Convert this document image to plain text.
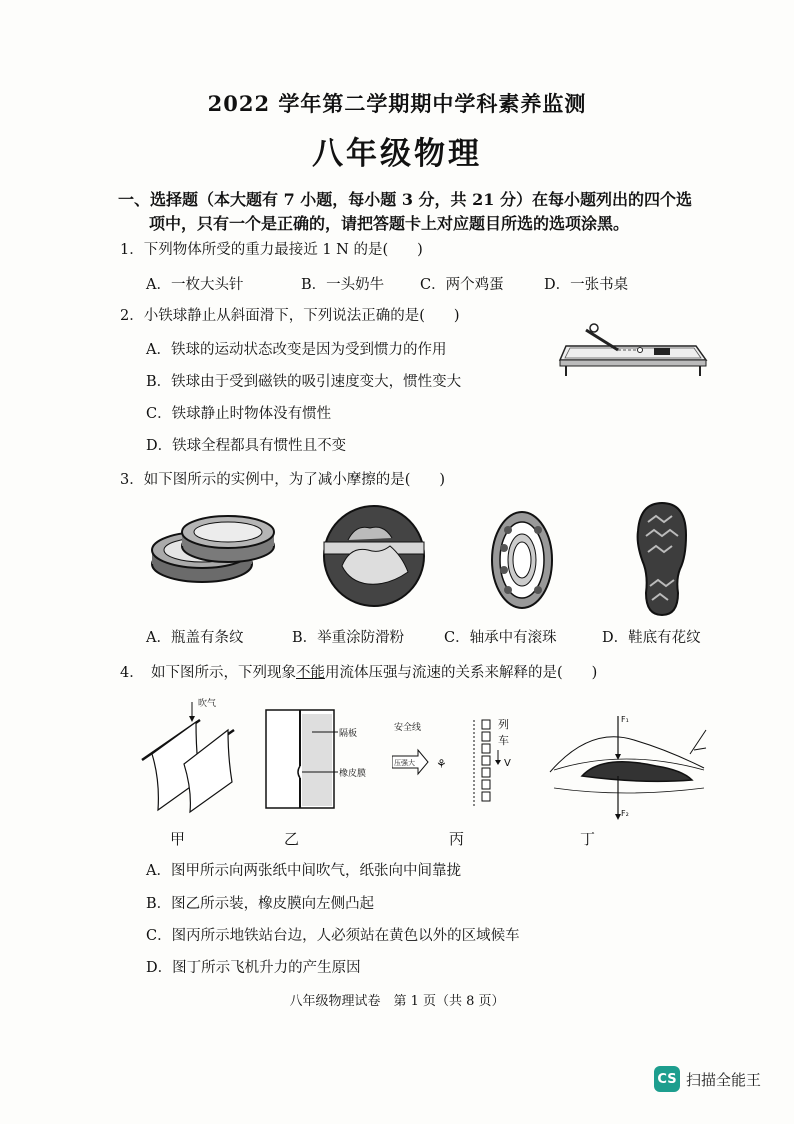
2022 学年第二学期期中学科素养监测
八年级物理
一、选择题（本大题有 7 小题，每小题 3 分，共 21 分）在每小题列出的四个选
项中，只有一个是正确的，请把答题卡上对应题目所选的选项涂黑。
1．下列物体所受的重力最接近 1 N 的是(　　)
A．一枚大头针	B．一头奶牛 C．两个鸡蛋	D．一张书桌
2．小铁球静止从斜面滑下，下列说法正确的是(　　)
A．铁球的运动状态改变是因为受到惯力的作用
B．铁球由于受到磁铁的吸引速度变大，惯性变大
C．铁球静止时物体没有惯性
D．铁球全程都具有惯性且不变
3．如下图所示的实例中，为了减小摩擦的是(　　)
A．瓶盖有条纹	B．举重涂防滑粉	C．轴承中有滚珠	D．鞋底有花纹
4．　如下图所示，下列现象不能用流体压强与流速的关系来解释的是(　　)
吹气
隔板
橡皮膜
安全线
压强大 ⚘
列
车
V
F₁
F₂
甲	乙	丙	丁
A．图甲所示向两张纸中间吹气，纸张向中间靠拢
B．图乙所示装，橡皮膜向左侧凸起
C．图丙所示地铁站台边，人必须站在黄色以外的区域候车
D．图丁所示飞机升力的产生原因
八年级物理试卷　第 1 页（共 8 页）
CS 扫描全能王
